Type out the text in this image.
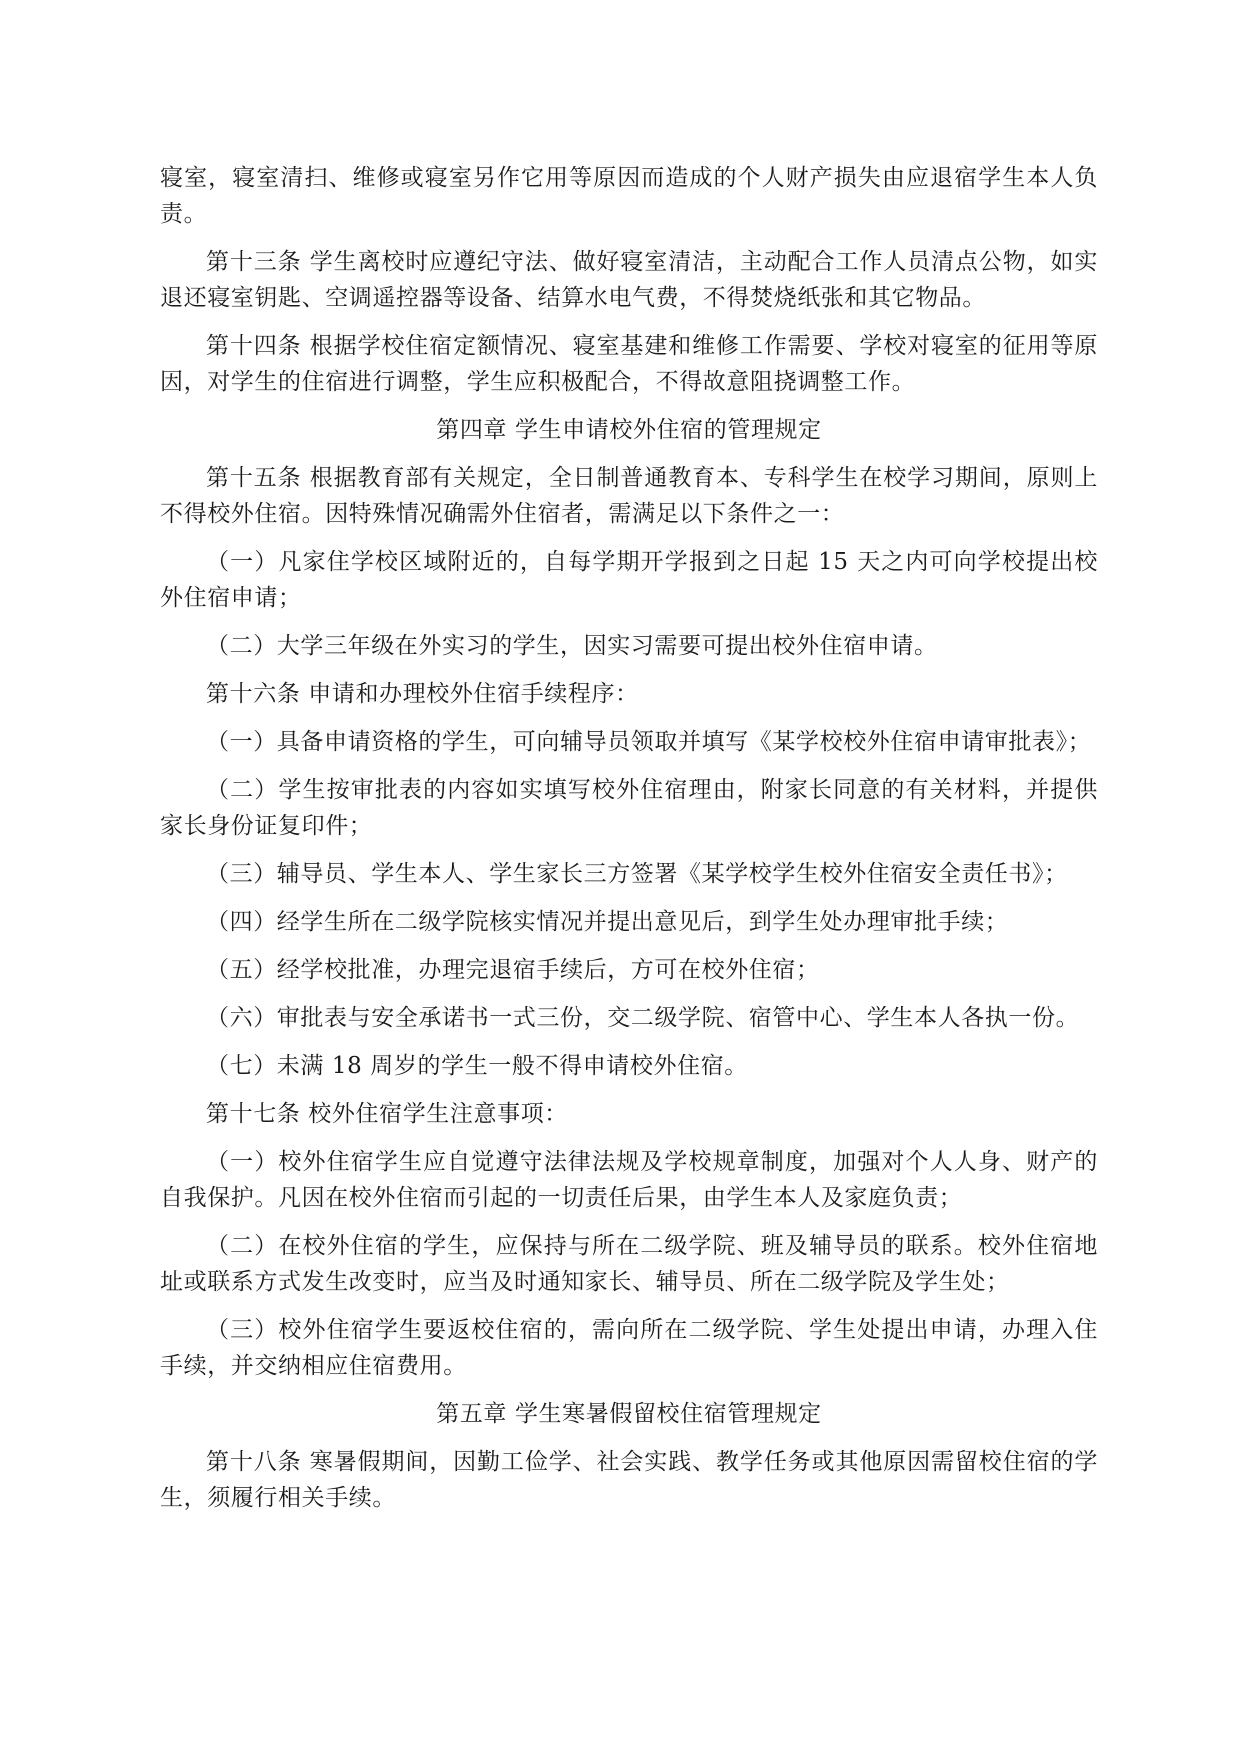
寝室，寝室清扫、维修或寝室另作它用等原因而造成的个人财产损失由应退宿学生本人负责。

第十三条 学生离校时应遵纪守法、做好寝室清洁，主动配合工作人员清点公物，如实退还寝室钥匙、空调遥控器等设备、结算水电气费，不得焚烧纸张和其它物品。

第十四条 根据学校住宿定额情况、寝室基建和维修工作需要、学校对寝室的征用等原因，对学生的住宿进行调整，学生应积极配合，不得故意阻挠调整工作。

第四章 学生申请校外住宿的管理规定

第十五条 根据教育部有关规定，全日制普通教育本、专科学生在校学习期间，原则上不得校外住宿。因特殊情况确需外住宿者，需满足以下条件之一：

（一）凡家住学校区域附近的，自每学期开学报到之日起 15 天之内可向学校提出校外住宿申请；

（二）大学三年级在外实习的学生，因实习需要可提出校外住宿申请。

第十六条 申请和办理校外住宿手续程序：

（一）具备申请资格的学生，可向辅导员领取并填写《某学校校外住宿申请审批表》；

（二）学生按审批表的内容如实填写校外住宿理由，附家长同意的有关材料，并提供家长身份证复印件；

（三）辅导员、学生本人、学生家长三方签署《某学校学生校外住宿安全责任书》；

（四）经学生所在二级学院核实情况并提出意见后，到学生处办理审批手续；

（五）经学校批准，办理完退宿手续后，方可在校外住宿；

（六）审批表与安全承诺书一式三份，交二级学院、宿管中心、学生本人各执一份。

（七）未满 18 周岁的学生一般不得申请校外住宿。

第十七条 校外住宿学生注意事项：

（一）校外住宿学生应自觉遵守法律法规及学校规章制度，加强对个人人身、财产的自我保护。凡因在校外住宿而引起的一切责任后果，由学生本人及家庭负责；

（二）在校外住宿的学生，应保持与所在二级学院、班及辅导员的联系。校外住宿地址或联系方式发生改变时，应当及时通知家长、辅导员、所在二级学院及学生处；

（三）校外住宿学生要返校住宿的，需向所在二级学院、学生处提出申请，办理入住手续，并交纳相应住宿费用。

第五章 学生寒暑假留校住宿管理规定

第十八条 寒暑假期间，因勤工俭学、社会实践、教学任务或其他原因需留校住宿的学生，须履行相关手续。
